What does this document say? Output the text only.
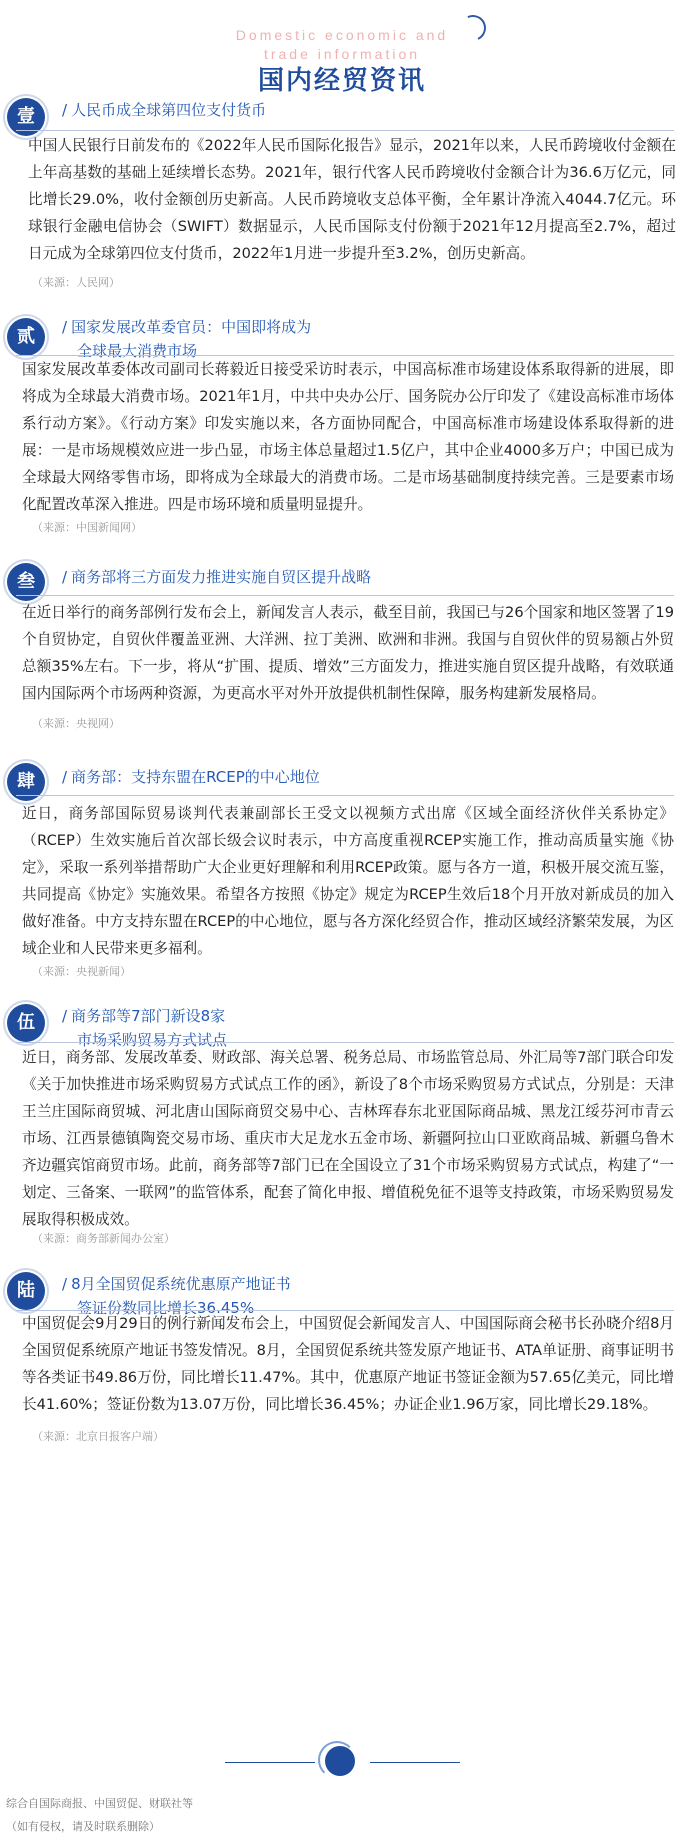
Domestic economic and
trade information
国内经贸资讯
壹	/ 人民币成全球第四位支付货币
中国人民银行日前发布的《2022年人民币国际化报告》显示，2021年以来，人民币跨境收付金额在上年高基数的基础上延续增长态势。2021年，银行代客人民币跨境收付金额合计为36.6万亿元，同比增长29.0%，收付金额创历史新高。人民币跨境收支总体平衡，全年累计净流入4044.7亿元。环球银行金融电信协会（SWIFT）数据显示，人民币国际支付份额于2021年12月提高至2.7%，超过日元成为全球第四位支付货币，2022年1月进一步提升至3.2%，创历史新高。
（来源：人民网）
贰	/ 国家发展改革委官员：中国即将成为
全球最大消费市场
国家发展改革委体改司副司长蒋毅近日接受采访时表示，中国高标准市场建设体系取得新的进展，即将成为全球最大消费市场。2021年1月，中共中央办公厅、国务院办公厅印发了《建设高标准市场体系行动方案》。《行动方案》印发实施以来，各方面协同配合，中国高标准市场建设体系取得新的进展：一是市场规模效应进一步凸显，市场主体总量超过1.5亿户，其中企业4000多万户；中国已成为全球最大网络零售市场，即将成为全球最大的消费市场。二是市场基础制度持续完善。三是要素市场化配置改革深入推进。四是市场环境和质量明显提升。
（来源：中国新闻网）
叁	/ 商务部将三方面发力推进实施自贸区提升战略
在近日举行的商务部例行发布会上，新闻发言人表示，截至目前，我国已与26个国家和地区签署了19个自贸协定，自贸伙伴覆盖亚洲、大洋洲、拉丁美洲、欧洲和非洲。我国与自贸伙伴的贸易额占外贸总额35%左右。下一步，将从“扩围、提质、增效”三方面发力，推进实施自贸区提升战略，有效联通国内国际两个市场两种资源，为更高水平对外开放提供机制性保障，服务构建新发展格局。
（来源：央视网）
肆	/ 商务部：支持东盟在RCEP的中心地位
近日，商务部国际贸易谈判代表兼副部长王受文以视频方式出席《区域全面经济伙伴关系协定》（RCEP）生效实施后首次部长级会议时表示，中方高度重视RCEP实施工作，推动高质量实施《协定》，采取一系列举措帮助广大企业更好理解和利用RCEP政策。愿与各方一道，积极开展交流互鉴，共同提高《协定》实施效果。希望各方按照《协定》规定为RCEP生效后18个月开放对新成员的加入做好准备。中方支持东盟在RCEP的中心地位，愿与各方深化经贸合作，推动区域经济繁荣发展，为区域企业和人民带来更多福利。
（来源：央视新闻）
伍	/ 商务部等7部门新设8家
市场采购贸易方式试点
近日，商务部、发展改革委、财政部、海关总署、税务总局、市场监管总局、外汇局等7部门联合印发《关于加快推进市场采购贸易方式试点工作的函》，新设了8个市场采购贸易方式试点，分别是：天津王兰庄国际商贸城、河北唐山国际商贸交易中心、吉林珲春东北亚国际商品城、黑龙江绥芬河市青云市场、江西景德镇陶瓷交易市场、重庆市大足龙水五金市场、新疆阿拉山口亚欧商品城、新疆乌鲁木齐边疆宾馆商贸市场。此前，商务部等7部门已在全国设立了31个市场采购贸易方式试点，构建了“一划定、三备案、一联网”的监管体系，配套了简化申报、增值税免征不退等支持政策，市场采购贸易发展取得积极成效。
（来源：商务部新闻办公室）
陆	/ 8月全国贸促系统优惠原产地证书
签证份数同比增长36.45%
中国贸促会9月29日的例行新闻发布会上，中国贸促会新闻发言人、中国国际商会秘书长孙晓介绍8月全国贸促系统原产地证书签发情况。8月，全国贸促系统共签发原产地证书、ATA单证册、商事证明书等各类证书49.86万份，同比增长11.47%。其中，优惠原产地证书签证金额为57.65亿美元，同比增长41.60%；签证份数为13.07万份，同比增长36.45%；办证企业1.96万家，同比增长29.18%。
（来源：北京日报客户端）
综合自国际商报、中国贸促、财联社等
（如有侵权，请及时联系删除）
